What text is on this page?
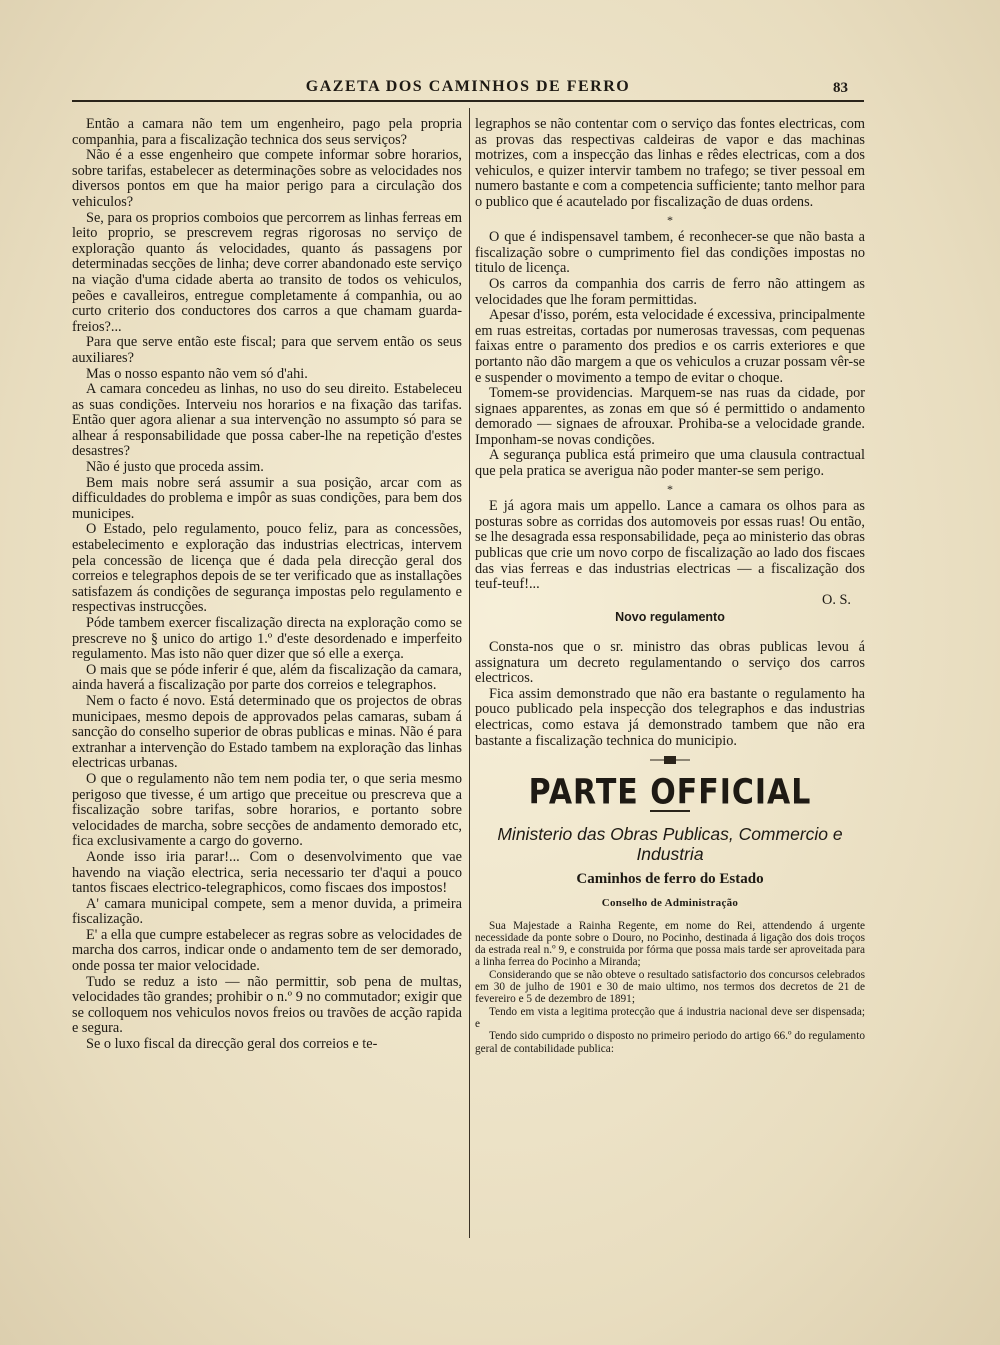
GAZETA DOS CAMINHOS DE FERRO	83

Então a camara não tem um engenheiro, pago pela propria companhia, para a fiscalização technica dos seus serviços?

Não é a esse engenheiro que compete informar sobre horarios, sobre tarifas, estabelecer as determinações sobre as velocidades nos diversos pontos em que ha maior perigo para a circulação dos vehiculos?

Se, para os proprios comboios que percorrem as linhas ferreas em leito proprio, se prescrevem regras rigorosas no serviço de exploração quanto ás velocidades, quanto ás passagens por determinadas secções de linha; deve correr abandonado este serviço na viação d'uma cidade aberta ao transito de todos os vehiculos, peões e cavalleiros, entregue completamente á companhia, ou ao curto criterio dos conductores dos carros a que chamam guarda-freios?...

Para que serve então este fiscal; para que servem então os seus auxiliares?

Mas o nosso espanto não vem só d'ahi.

A camara concedeu as linhas, no uso do seu direito. Estabeleceu as suas condições. Interveiu nos horarios e na fixação das tarifas. Então quer agora alienar a sua intervenção no assumpto só para se alhear á responsabilidade que possa caber-lhe na repetição d'estes desastres?

Não é justo que proceda assim.

Bem mais nobre será assumir a sua posição, arcar com as difficuldades do problema e impôr as suas condições, para bem dos municipes.

O Estado, pelo regulamento, pouco feliz, para as concessões, estabelecimento e exploração das industrias electricas, intervem pela concessão de licença que é dada pela direcção geral dos correios e telegraphos depois de se ter verificado que as installações satisfazem ás condições de segurança impostas pelo regulamento e respectivas instrucções.

Póde tambem exercer fiscalização directa na exploração como se prescreve no § unico do artigo 1.º d'este desordenado e imperfeito regulamento. Mas isto não quer dizer que só elle a exerça.

O mais que se póde inferir é que, além da fiscalização da camara, ainda haverá a fiscalização por parte dos correios e telegraphos.

Nem o facto é novo. Está determinado que os projectos de obras municipaes, mesmo depois de approvados pelas camaras, subam á sancção do conselho superior de obras publicas e minas. Não é para extranhar a intervenção do Estado tambem na exploração das linhas electricas urbanas.

O que o regulamento não tem nem podia ter, o que seria mesmo perigoso que tivesse, é um artigo que preceitue ou prescreva que a fiscalização sobre tarifas, sobre horarios, e portanto sobre velocidades de marcha, sobre secções de andamento demorado etc, fica exclusivamente a cargo do governo.

Aonde isso iria parar!... Com o desenvolvimento que vae havendo na viação electrica, seria necessario ter d'aqui a pouco tantos fiscaes electrico-telegraphicos, como fiscaes dos impostos!

A' camara municipal compete, sem a menor duvida, a primeira fiscalização.

E' a ella que cumpre estabelecer as regras sobre as velocidades de marcha dos carros, indicar onde o andamento tem de ser demorado, onde possa ter maior velocidade.

Tudo se reduz a isto — não permittir, sob pena de multas, velocidades tão grandes; prohibir o n.º 9 no commutador; exigir que se colloquem nos vehiculos novos freios ou travões de acção rapida e segura.

Se o luxo fiscal da direcção geral dos correios e te-

legraphos se não contentar com o serviço das fontes electricas, com as provas das respectivas caldeiras de vapor e das machinas motrizes, com a inspecção das linhas e rêdes electricas, com a dos vehiculos, e quizer intervir tambem no trafego; se tiver pessoal em numero bastante e com a competencia sufficiente; tanto melhor para o publico que é acautelado por fiscalização de duas ordens.

*

O que é indispensavel tambem, é reconhecer-se que não basta a fiscalização sobre o cumprimento fiel das condições impostas no titulo de licença.

Os carros da companhia dos carris de ferro não attingem as velocidades que lhe foram permittidas.

Apesar d'isso, porém, esta velocidade é excessiva, principalmente em ruas estreitas, cortadas por numerosas travessas, com pequenas faixas entre o paramento dos predios e os carris exteriores e que portanto não dão margem a que os vehiculos a cruzar possam vêr-se e suspender o movimento a tempo de evitar o choque.

Tomem-se providencias. Marquem-se nas ruas da cidade, por signaes apparentes, as zonas em que só é permittido o andamento demorado — signaes de afrouxar. Prohiba-se a velocidade grande. Imponham-se novas condições.

A segurança publica está primeiro que uma clausula contractual que pela pratica se averigua não poder manter-se sem perigo.

*

E já agora mais um appello. Lance a camara os olhos para as posturas sobre as corridas dos automoveis por essas ruas! Ou então, se lhe desagrada essa responsabilidade, peça ao ministerio das obras publicas que crie um novo corpo de fiscalização ao lado dos fiscaes das vias ferreas e das industrias electricas — a fiscalização dos teuf-teuf!...

O. S.

Novo regulamento

Consta-nos que o sr. ministro das obras publicas levou á assignatura um decreto regulamentando o serviço dos carros electricos.

Fica assim demonstrado que não era bastante o regulamento ha pouco publicado pela inspecção dos telegraphos e das industrias electricas, como estava já demonstrado tambem que não era bastante a fiscalização technica do municipio.

PARTE OFFICIAL
Ministerio das Obras Publicas, Commercio e Industria
Caminhos de ferro do Estado
Conselho de Administração

Sua Majestade a Rainha Regente, em nome do Rei, attendendo á urgente necessidade da ponte sobre o Douro, no Pocinho, destinada á ligação dos dois troços da estrada real n.º 9, e construida por fórma que possa mais tarde ser aproveitada para a linha ferrea do Pocinho a Miranda;

Considerando que se não obteve o resultado satisfactorio dos concursos celebrados em 30 de julho de 1901 e 30 de maio ultimo, nos termos dos decretos de 21 de fevereiro e 5 de dezembro de 1891;

Tendo em vista a legitima protecção que á industria nacional deve ser dispensada; e

Tendo sido cumprido o disposto no primeiro periodo do artigo 66.º do regulamento geral de contabilidade publica:
